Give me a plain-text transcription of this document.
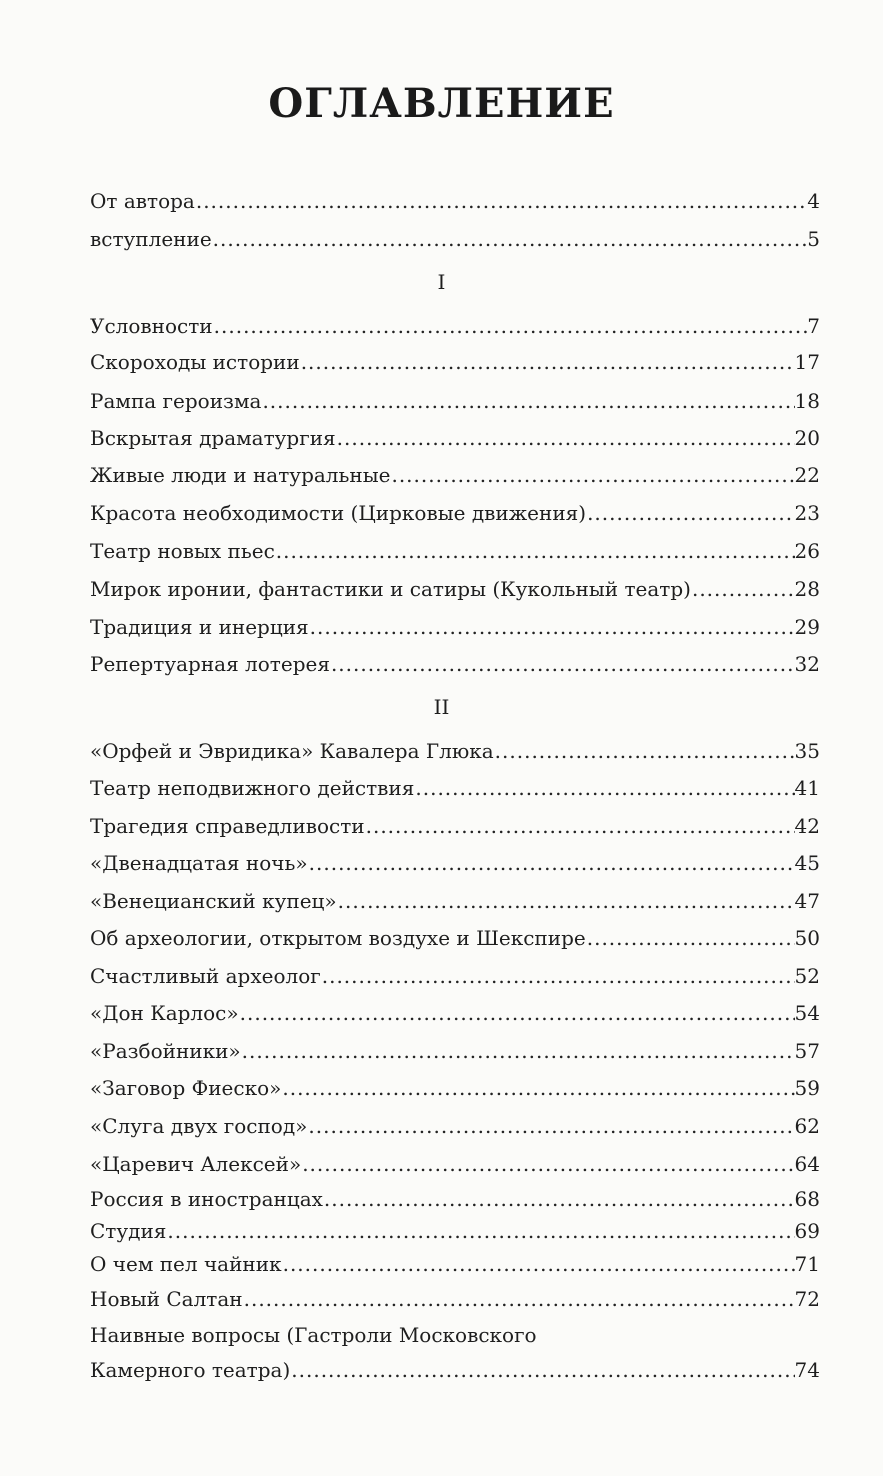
ОГЛАВЛЕНИЕ
От автора .....	4
вступление .....	5
I
Условности .....	7
Скороходы истории .....	17
Рампа героизма .....	18
Вскрытая драматургия .....	20
Живые люди и натуральные .....	22
Красота необходимости (Цирковые движения) .....	23
Театр новых пьес .....	26
Мирок иронии, фантастики и сатиры (Кукольный театр) .....	28
Традиция и инерция .....	29
Репертуарная лотерея .....	32
II
«Орфей и Эвридика» Кавалера Глюка .....	35
Театр неподвижного действия .....	41
Трагедия справедливости .....	42
«Двенадцатая ночь» .....	45
«Венецианский купец» .....	47
Об археологии, открытом воздухе и Шекспире .....	50
Счастливый археолог .....	52
«Дон Карлос» .....	54
«Разбойники» .....	57
«Заговор Фиеско» .....	59
«Слуга двух господ» .....	62
«Царевич Алексей» .....	64
Россия в иностранцах .....	68
Студия .....	69
О чем пел чайник .....	71
Новый Салтан .....	72
Наивные вопросы (Гастроли Московского
Камерного театра) .....	74
